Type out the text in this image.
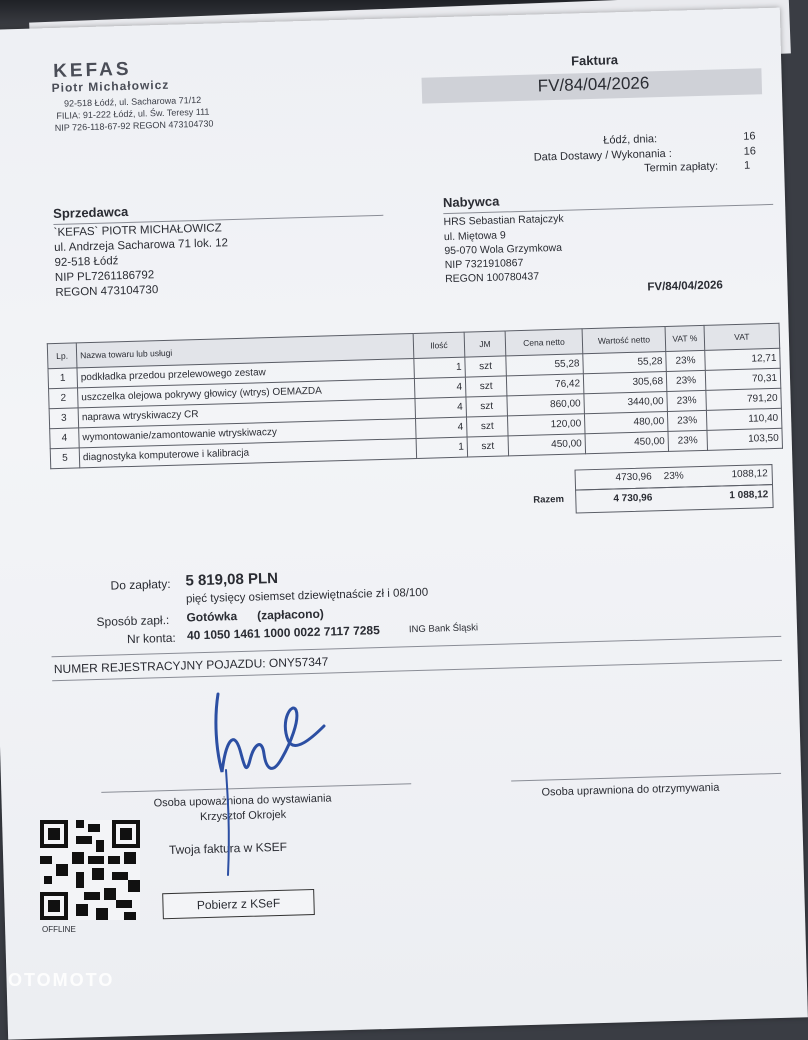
KEFAS
Piotr Michałowicz
92-518 Łódź, ul. Sacharowa 71/12
FILIA: 91-222 Łódź, ul. Św. Teresy 111
NIP 726-118-67-92 REGON 473104730
Faktura
FV/84/04/2026
Łódź, dnia:	16
Data Dostawy / Wykonania :	16
Termin zapłaty: 1
Sprzedawca
`KEFAS` PIOTR MICHAŁOWICZ
ul. Andrzeja Sacharowa 71 lok. 12
92-518 Łódź
NIP PL7261186792
REGON 473104730
Nabywca
HRS Sebastian Ratajczyk
ul. Miętowa 9
95-070 Wola Grzymkowa
NIP 7321910867
REGON 100780437
FV/84/04/2026
Lp.	Nazwa towaru lub usługi	Ilość	JM	Cena netto	Wartość netto	VAT %	VAT
1	podkładka przedou przelewowego zestaw	1	szt	55,28	55,28	23%	12,71
2	uszczelka olejowa pokrywy głowicy (wtrys) OEMAZDA	4	szt	76,42	305,68	23%	70,31
3	naprawa wtryskiwaczy CR	4	szt	860,00	3440,00	23%	791,20
4	wymontowanie/zamontowanie wtryskiwaczy	4	szt	120,00	480,00	23%	110,40
5	diagnostyka komputerowe i kalibracja	1	szt	450,00	450,00	23%	103,50
4730,96 23%	1088,12
Razem	4 730,96	1 088,12
Do zapłaty: 5 819,08 PLN
pięć tysięcy osiemset dziewiętnaście zł i 08/100
Sposób zapł.: Gotówka      (zapłacono)
Nr konta: 40 1050 1461 1000 0022 7117 7285	ING Bank Śląski
NUMER REJESTRACYJNY POJAZDU: ONY57347
Osoba upoważniona do wystawiania
Krzysztof Okrojek
Osoba uprawniona do otrzymywania
Twoja faktura w KSEF
Pobierz z KSeF
OFFLINE
OTOMOTO
